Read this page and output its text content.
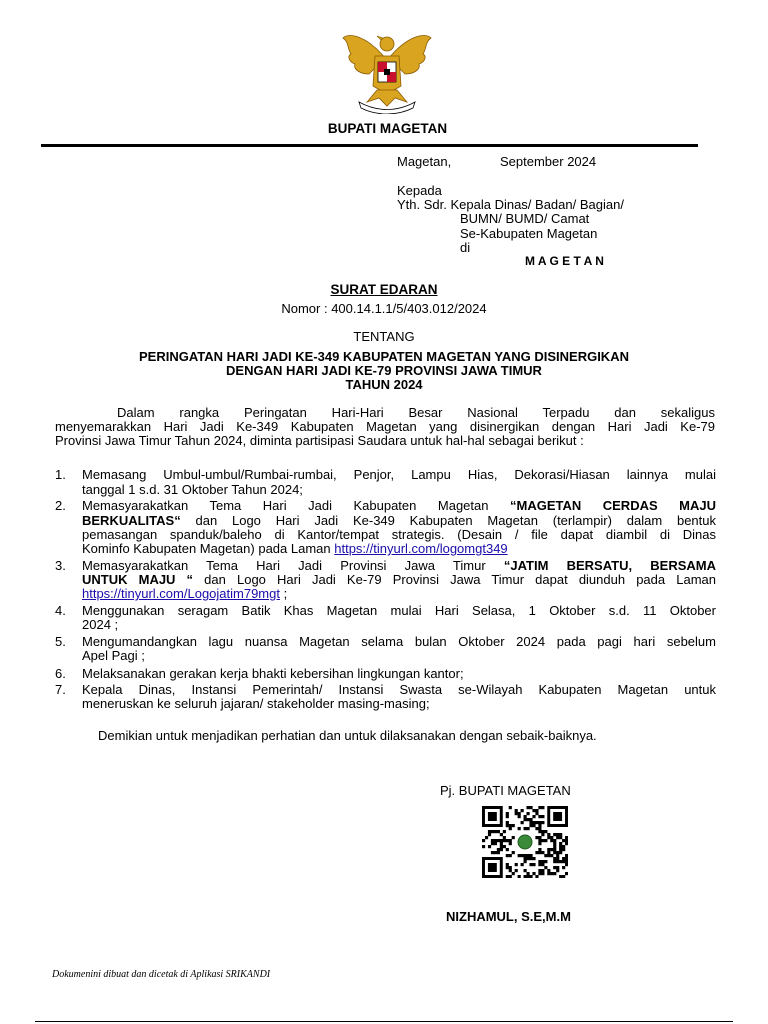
BUPATI MAGETAN
Magetan,	September 2024
Kepada
Yth. Sdr. Kepala Dinas/ Badan/ Bagian/
BUMN/ BUMD/ Camat
Se-Kabupaten Magetan
di
M A G E T A N
SURAT EDARAN
Nomor : 400.14.1.1/5/403.012/2024
TENTANG
PERINGATAN HARI JADI KE-349 KABUPATEN MAGETAN YANG DISINERGIKAN
DENGAN HARI JADI KE-79 PROVINSI JAWA TIMUR
TAHUN 2024
Dalam rangka Peringatan Hari-Hari Besar Nasional Terpadu dan sekaligus
menyemarakkan Hari Jadi Ke-349 Kabupaten Magetan yang disinergikan dengan Hari Jadi Ke-79
Provinsi Jawa Timur Tahun 2024, diminta partisipasi Saudara untuk hal-hal sebagai berikut :
1.	Memasang Umbul-umbul/Rumbai-rumbai, Penjor, Lampu Hias, Dekorasi/Hiasan lainnya mulai
tanggal 1 s.d. 31 Oktober Tahun 2024;
2.	Memasyarakatkan Tema Hari Jadi Kabupaten Magetan “MAGETAN CERDAS MAJU
BERKUALITAS“ dan Logo Hari Jadi Ke-349 Kabupaten Magetan (terlampir) dalam bentuk
pemasangan spanduk/baleho di Kantor/tempat strategis. (Desain / file dapat diambil di Dinas
Kominfo Kabupaten Magetan) pada Laman https://tinyurl.com/logomgt349
3.	Memasyarakatkan Tema Hari Jadi Provinsi Jawa Timur “JATIM BERSATU, BERSAMA
UNTUK MAJU “ dan Logo Hari Jadi Ke-79 Provinsi Jawa Timur dapat diunduh pada Laman
https://tinyurl.com/Logojatim79mgt ;
4.	Menggunakan seragam Batik Khas Magetan mulai Hari Selasa, 1 Oktober s.d. 11 Oktober
2024 ;
5.	Mengumandangkan lagu nuansa Magetan selama bulan Oktober 2024 pada pagi hari sebelum
Apel Pagi ;
6.	Melaksanakan gerakan kerja bhakti kebersihan lingkungan kantor;
7.	Kepala Dinas, Instansi Pemerintah/ Instansi Swasta se-Wilayah Kabupaten Magetan untuk
meneruskan ke seluruh jajaran/ stakeholder masing-masing;
Demikian untuk menjadikan perhatian dan untuk dilaksanakan dengan sebaik-baiknya.
Pj. BUPATI MAGETAN
NIZHAMUL, S.E,M.M
Dokumenini dibuat dan dicetak di Aplikasi SRIKANDI
